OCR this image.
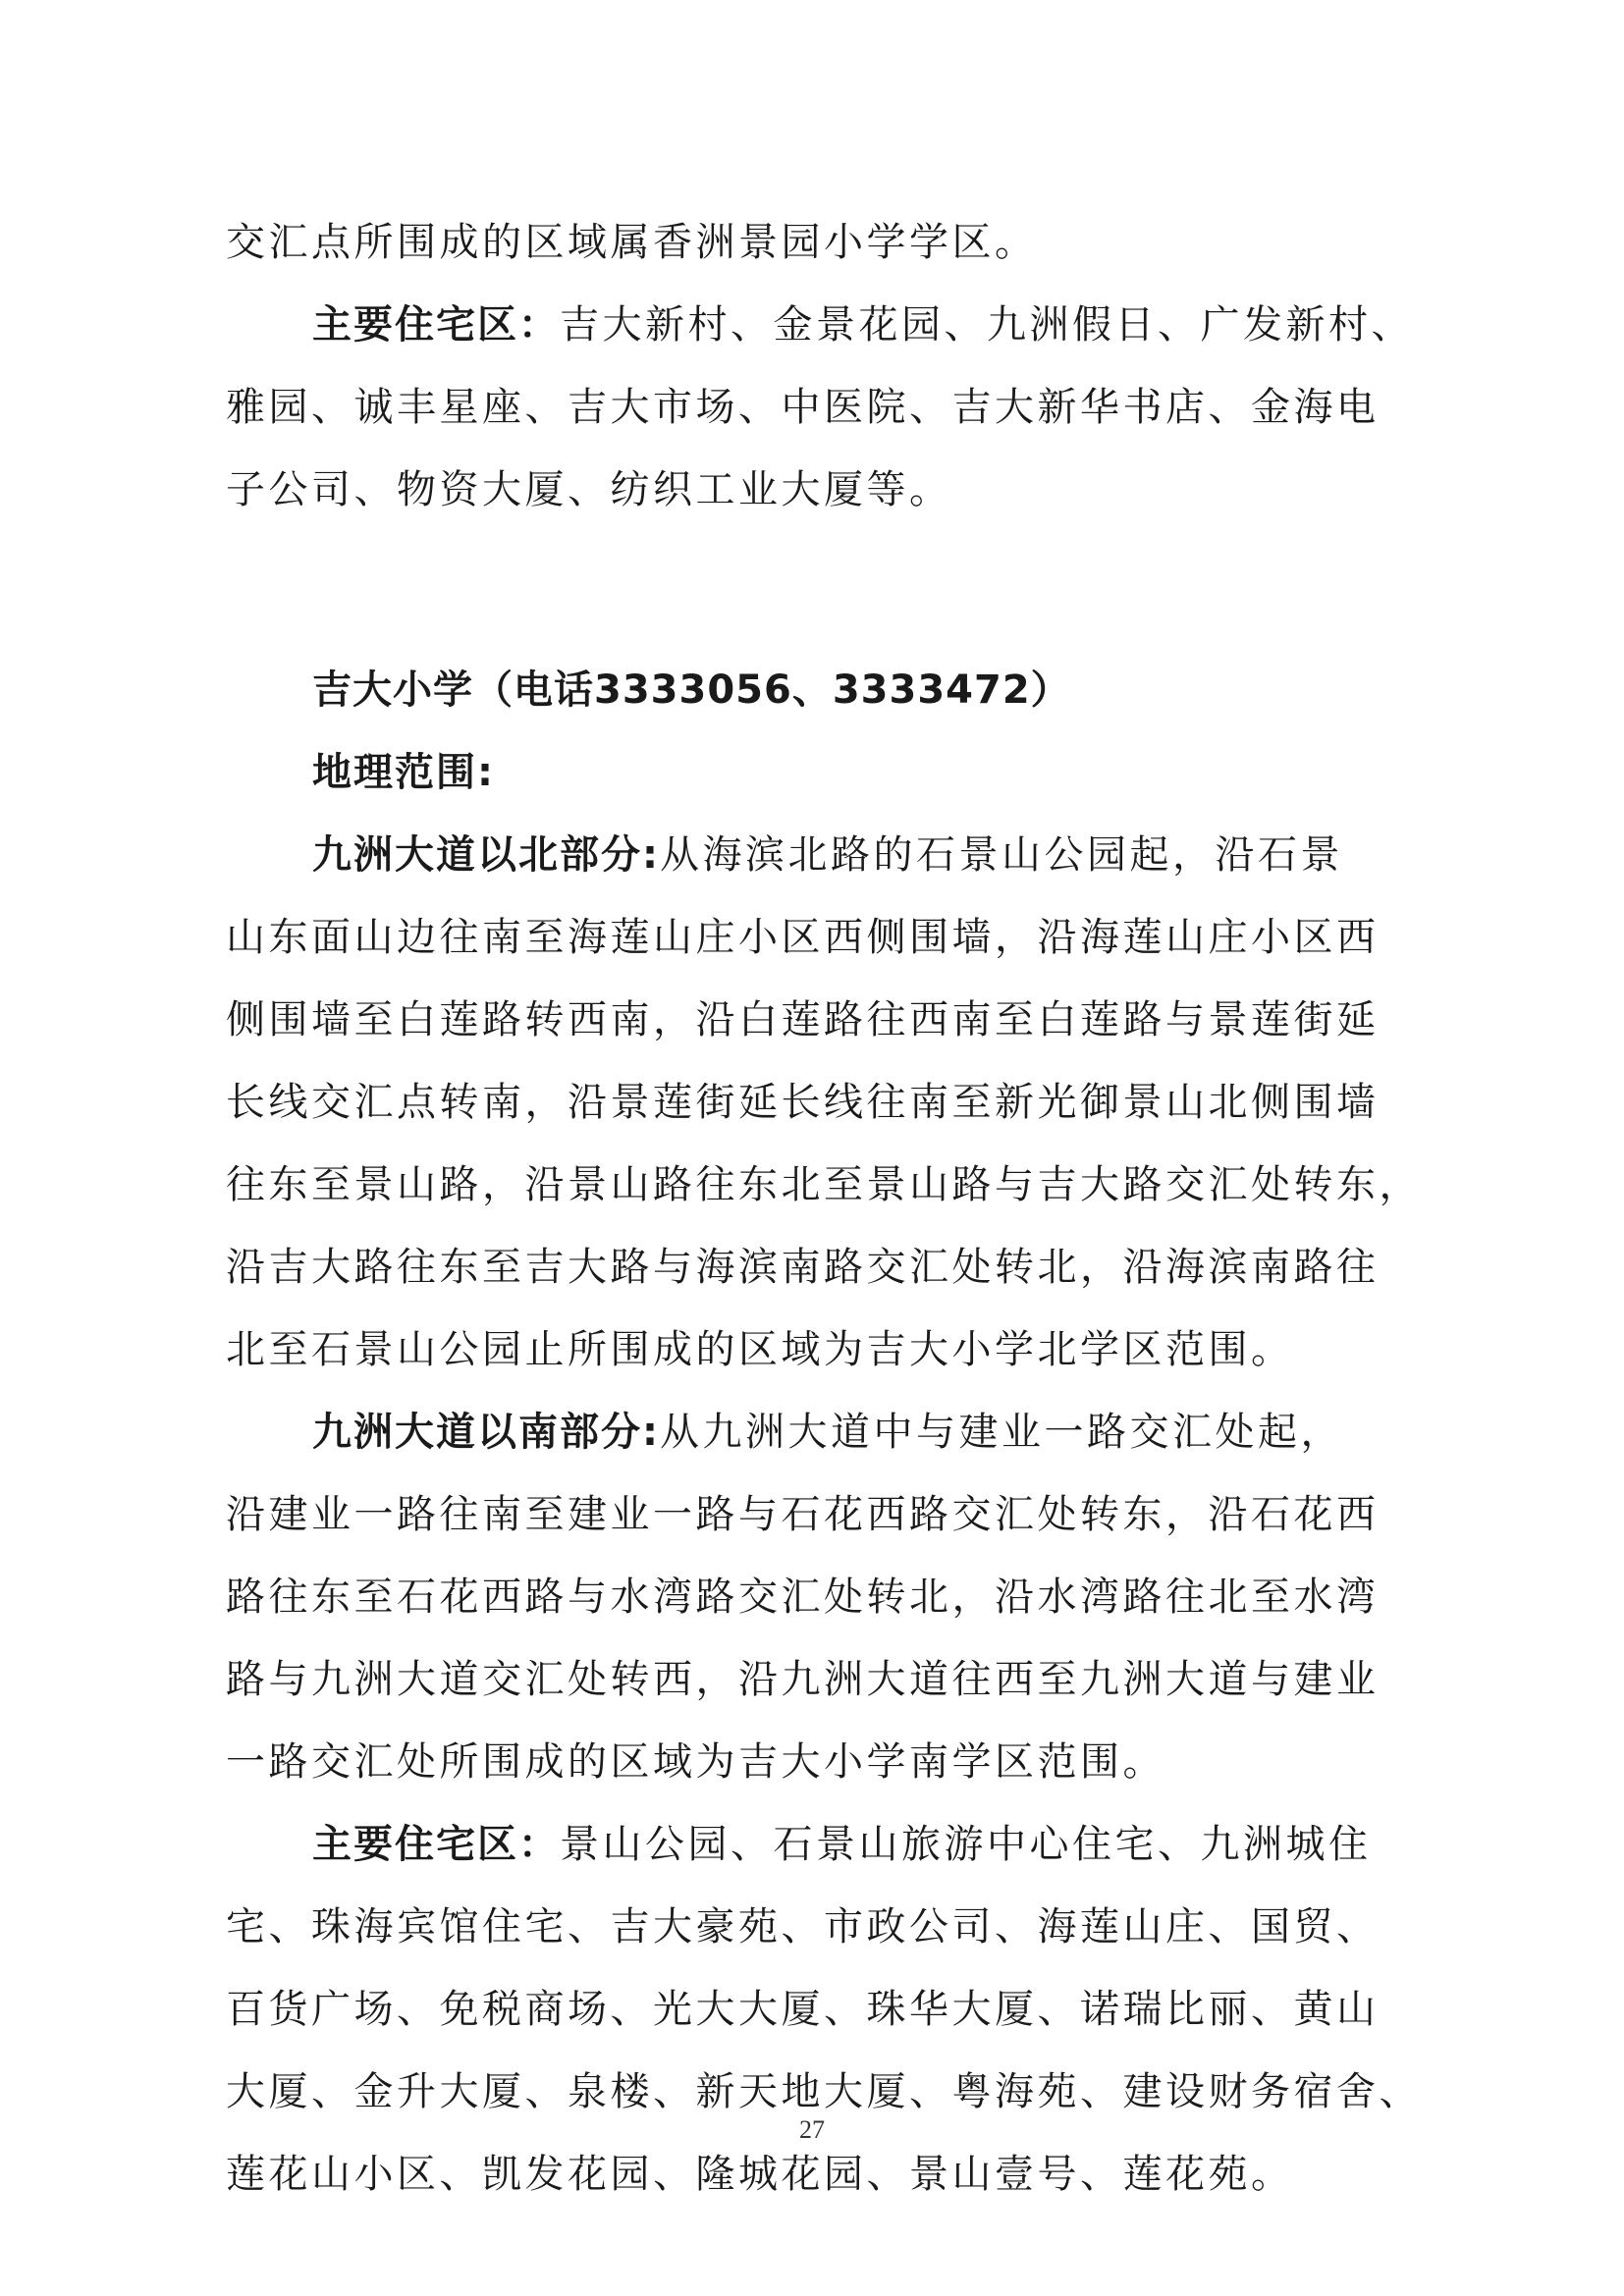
交汇点所围成的区域属香洲景园小学学区。
主要住宅区：吉大新村、金景花园、九洲假日、广发新村、
雅园、诚丰星座、吉大市场、中医院、吉大新华书店、金海电
子公司、物资大厦、纺织工业大厦等。
吉大小学（电话3333056、3333472）
地理范围:
九洲大道以北部分:从海滨北路的石景山公园起，沿石景
山东面山边往南至海莲山庄小区西侧围墙，沿海莲山庄小区西
侧围墙至白莲路转西南，沿白莲路往西南至白莲路与景莲街延
长线交汇点转南，沿景莲街延长线往南至新光御景山北侧围墙
往东至景山路，沿景山路往东北至景山路与吉大路交汇处转东，
沿吉大路往东至吉大路与海滨南路交汇处转北，沿海滨南路往
北至石景山公园止所围成的区域为吉大小学北学区范围。
九洲大道以南部分:从九洲大道中与建业一路交汇处起，
沿建业一路往南至建业一路与石花西路交汇处转东，沿石花西
路往东至石花西路与水湾路交汇处转北，沿水湾路往北至水湾
路与九洲大道交汇处转西，沿九洲大道往西至九洲大道与建业
一路交汇处所围成的区域为吉大小学南学区范围。
主要住宅区：景山公园、石景山旅游中心住宅、九洲城住
宅、珠海宾馆住宅、吉大豪苑、市政公司、海莲山庄、国贸、
百货广场、免税商场、光大大厦、珠华大厦、诺瑞比丽、黄山
大厦、金升大厦、泉楼、新天地大厦、粤海苑、建设财务宿舍、
莲花山小区、凯发花园、隆城花园、景山壹号、莲花苑。
27
